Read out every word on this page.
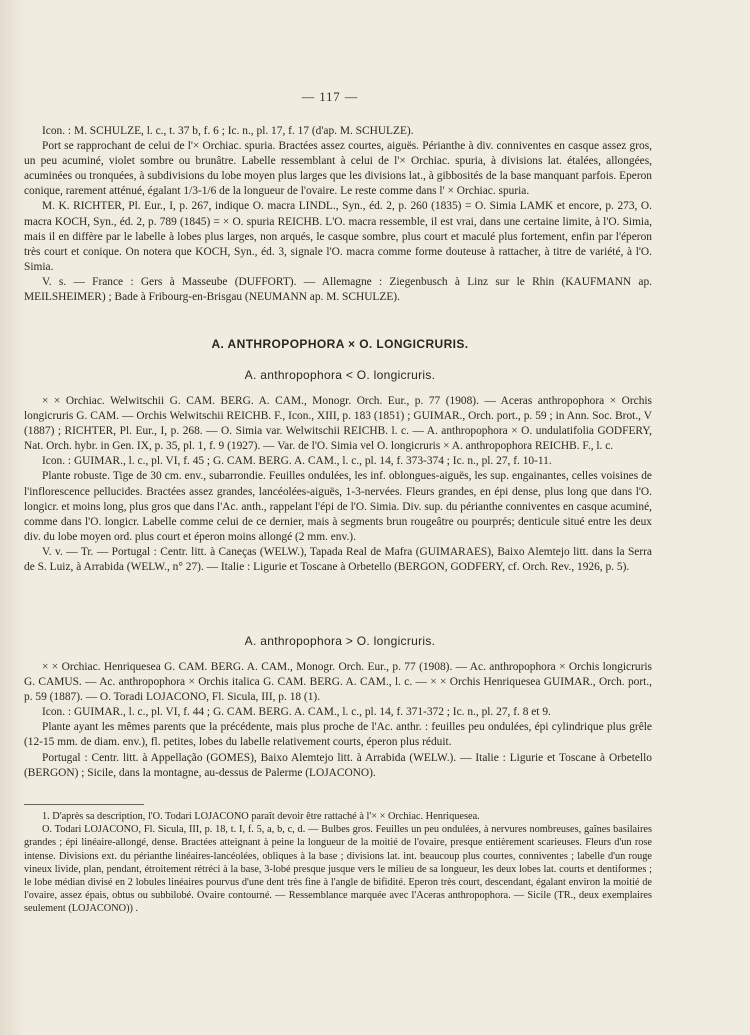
— 117 —

Icon. : M. SCHULZE, l. c., t. 37 b, f. 6 ; Ic. n., pl. 17, f. 17 (d'ap. M. SCHULZE).

Port se rapprochant de celui de l'× Orchiac. spuria. Bractées assez courtes, aiguës. Périanthe à div. conniventes en casque assez gros, un peu acuminé, violet sombre ou brunâtre. Labelle ressemblant à celui de l'× Orchiac. spuria, à divisions lat. étalées, allongées, acuminées ou tronquées, à subdivisions du lobe moyen plus larges que les divisions lat., à gibbosités de la base manquant parfois. Eperon conique, rarement atténué, égalant 1/3-1/6 de la longueur de l'ovaire. Le reste comme dans l' × Orchiac. spuria.

M. K. RICHTER, Pl. Eur., I, p. 267, indique O. macra LINDL., Syn., éd. 2, p. 260 (1835) = O. Simia LAMK et encore, p. 273, O. macra KOCH, Syn., éd. 2, p. 789 (1845) = × O. spuria REICHB. L'O. macra ressemble, il est vrai, dans une certaine limite, à l'O. Simia, mais il en diffère par le labelle à lobes plus larges, non arqués, le casque sombre, plus court et maculé plus fortement, enfin par l'éperon très court et conique. On notera que KOCH, Syn., éd. 3, signale l'O. macra comme forme douteuse à rattacher, à titre de variété, à l'O. Simia.

V. s. — France : Gers à Masseube (DUFFORT). — Allemagne : Ziegenbusch à Linz sur le Rhin (KAUFMANN ap. MEILSHEIMER) ; Bade à Fribourg-en-Brisgau (NEUMANN ap. M. SCHULZE).

A. ANTHROPOPHORA × O. LONGICRURIS.
A. anthropophora < O. longicruris.

× × Orchiac. Welwitschii G. CAM. BERG. A. CAM., Monogr. Orch. Eur., p. 77 (1908). — Aceras anthropophora × Orchis longicruris G. CAM. — Orchis Welwitschii REICHB. F., Icon., XIII, p. 183 (1851) ; GUIMAR., Orch. port., p. 59 ; in Ann. Soc. Brot., V (1887) ; RICHTER, Pl. Eur., I, p. 268. — O. Simia var. Welwitschii REICHB. l. c. — A. anthropophora × O. undulatifolia GODFERY, Nat. Orch. hybr. in Gen. IX, p. 35, pl. 1, f. 9 (1927). — Var. de l'O. Simia vel O. longicruris × A. anthropophora REICHB. F., l. c.

Icon. : GUIMAR., l. c., pl. VI, f. 45 ; G. CAM. BERG. A. CAM., l. c., pl. 14, f. 373-374 ; Ic. n., pl. 27, f. 10-11.

Plante robuste. Tige de 30 cm. env., subarrondie. Feuilles ondulées, les inf. oblongues-aiguës, les sup. engainantes, celles voisines de l'inflorescence pellucides. Bractées assez grandes, lancéolées-aiguës, 1-3-nervées. Fleurs grandes, en épi dense, plus long que dans l'O. longicr. et moins long, plus gros que dans l'Ac. anth., rappelant l'épi de l'O. Simia. Div. sup. du périanthe conniventes en casque acuminé, comme dans l'O. longicr. Labelle comme celui de ce dernier, mais à segments brun rougeâtre ou pourprés; denticule situé entre les deux div. du lobe moyen ord. plus court et éperon moins allongé (2 mm. env.).

V. v. — Tr. — Portugal : Centr. litt. à Caneças (WELW.), Tapada Real de Mafra (GUIMARAES), Baixo Alemtejo litt. dans la Serra de S. Luiz, à Arrabida (WELW., n° 27). — Italie : Ligurie et Toscane à Orbetello (BERGON, GODFERY, cf. Orch. Rev., 1926, p. 5).

A. anthropophora > O. longicruris.

× × Orchiac. Henriquesea G. CAM. BERG. A. CAM., Monogr. Orch. Eur., p. 77 (1908). — Ac. anthropophora × Orchis longicruris G. CAMUS. — Ac. anthropophora × Orchis italica G. CAM. BERG. A. CAM., l. c. — × × Orchis Henriquesea GUIMAR., Orch. port., p. 59 (1887). — O. Toradi LOJACONO, Fl. Sicula, III, p. 18 (1).

Icon. : GUIMAR., l. c., pl. VI, f. 44 ; G. CAM. BERG. A. CAM., l. c., pl. 14, f. 371-372 ; Ic. n., pl. 27, f. 8 et 9.

Plante ayant les mêmes parents que la précédente, mais plus proche de l'Ac. anthr. : feuilles peu ondulées, épi cylindrique plus grêle (12-15 mm. de diam. env.), fl. petites, lobes du labelle relativement courts, éperon plus réduit.

Portugal : Centr. litt. à Appellação (GOMES), Baixo Alemtejo litt. à Arrabida (WELW.). — Italie : Ligurie et Toscane à Orbetello (BERGON) ; Sicile, dans la montagne, au-dessus de Palerme (LOJACONO).

1. D'après sa description, l'O. Todari LOJACONO paraît devoir être rattaché à l'× × Orchiac. Henriquesea.

O. Todari LOJACONO, Fl. Sicula, III, p. 18, t. I, f. 5, a, b, c, d. — Bulbes gros. Feuilles un peu ondulées, à nervures nombreuses, gaînes basilaires grandes ; épi linéaire-allongé, dense. Bractées atteignant à peine la longueur de la moitié de l'ovaire, presque entièrement scarieuses. Fleurs d'un rose intense. Divisions ext. du périanthe linéaires-lancéolées, obliques à la base ; divisions lat. int. beaucoup plus courtes, conniventes ; labelle d'un rouge vineux livide, plan, pendant, étroitement rétréci à la base, 3-lobé presque jusque vers le milieu de sa longueur, les deux lobes lat. courts et dentiformes ; le lobe médian divisé en 2 lobules linéaires pourvus d'une dent très fine à l'angle de bifidité. Eperon très court, descendant, égalant environ la moitié de l'ovaire, assez épais, obtus ou subbilobé. Ovaire contourné. — Ressemblance marquée avec l'Aceras anthropophora. — Sicile (TR., deux exemplaires seulement (LOJACONO)) .
